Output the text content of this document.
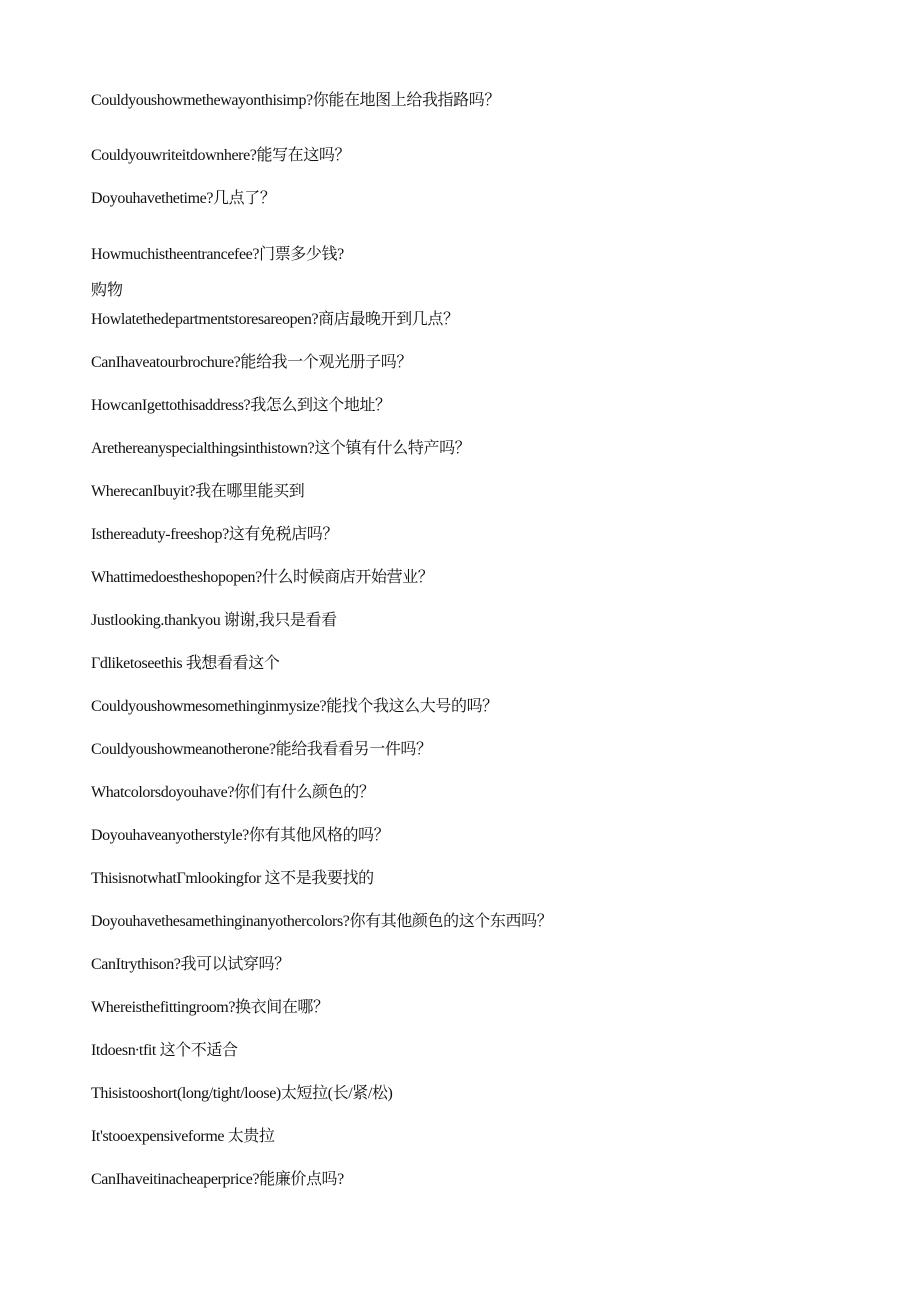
Couldyoushowmethewayonthisimp?你能在地图上给我指路吗？
Couldyouwriteitdownhere?能写在这吗？
Doyouhavethetime?几点了？
Howmuchistheentrancefee?门票多少钱?
购物
Howlatethedepartmentstoresareopen?商店最晚开到几点？
CanIhaveatourbrochure?能给我一个观光册子吗？
HowcanIgettothisaddress?我怎么到这个地址？
Arethereanyspecialthingsinthistown?这个镇有什么特产吗？
WherecanIbuyit?我在哪里能买到
Isthereaduty-freeshop?这有免税店吗？
Whattimedoestheshopopen?什么时候商店开始营业？
Justlooking.thankyou 谢谢,我只是看看
Γdliketoseethis 我想看看这个
Couldyoushowmesomethinginmysize?能找个我这么大号的吗？
Couldyoushowmeanotherone?能给我看看另一件吗？
Whatcolorsdoyouhave?你们有什么颜色的？
Doyouhaveanyotherstyle?你有其他风格的吗？
ThisisnotwhatΓmlookingfor 这不是我要找的
Doyouhavethesamethinginanyothercolors?你有其他颜色的这个东西吗？
CanItrythison?我可以试穿吗？
Whereisthefittingroom?换衣间在哪？
Itdoesn∙tfit 这个不适合
Thisistooshort(long/tight/loose)太短拉(长/紧/松)
It'stooexpensiveforme 太贵拉
CanIhaveitinacheaperprice?能廉价点吗?
